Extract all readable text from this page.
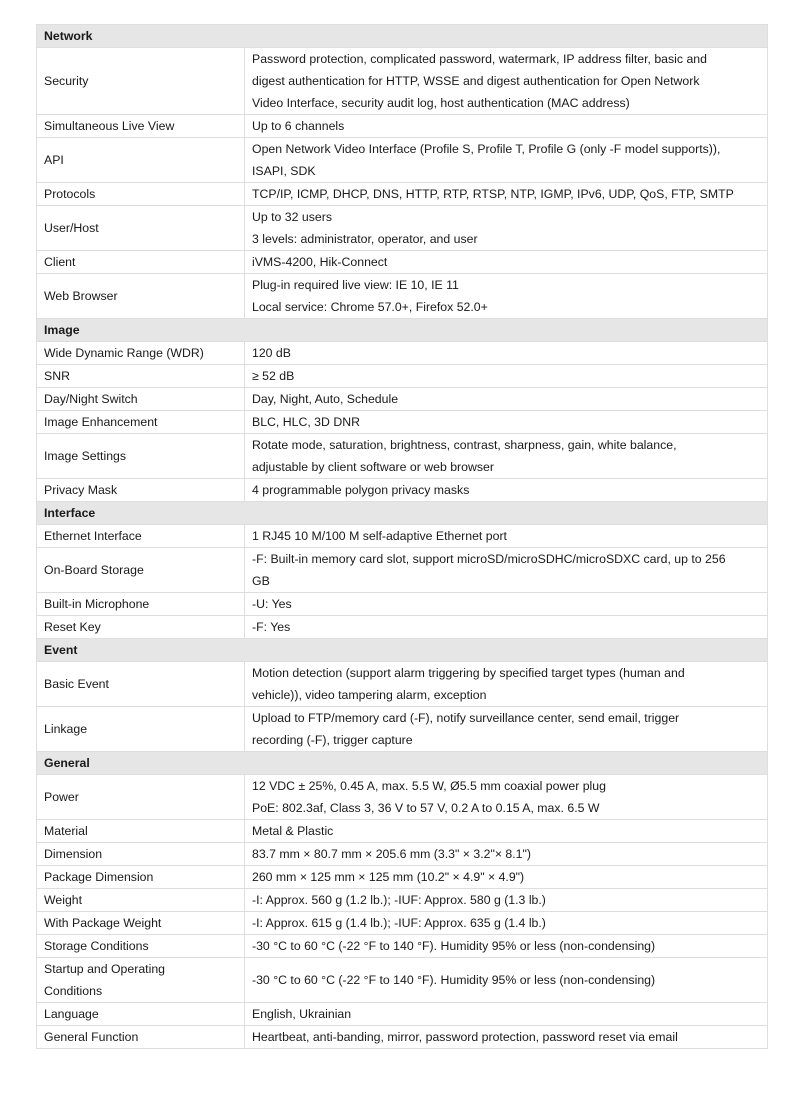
Network	
Security	Password protection, complicated password, watermark, IP address filter, basic and
digest authentication for HTTP, WSSE and digest authentication for Open Network
Video Interface, security audit log, host authentication (MAC address)

Simultaneous Live View	Up to 6 channels

API	Open Network Video Interface (Profile S, Profile T, Profile G (only -F model supports)),
ISAPI, SDK

Protocols	TCP/IP, ICMP, DHCP, DNS, HTTP, RTP, RTSP, NTP, IGMP, IPv6, UDP, QoS, FTP, SMTP

User/Host	Up to 32 users
3 levels: administrator, operator, and user

Client	iVMS-4200, Hik-Connect

Web Browser	Plug-in required live view: IE 10, IE 11
Local service: Chrome 57.0+, Firefox 52.0+

Image	
Wide Dynamic Range (WDR)	120 dB

SNR	≥ 52 dB

Day/Night Switch	Day, Night, Auto, Schedule

Image Enhancement	BLC, HLC, 3D DNR

Image Settings	Rotate mode, saturation, brightness, contrast, sharpness, gain, white balance,
adjustable by client software or web browser

Privacy Mask	4 programmable polygon privacy masks

Interface	
Ethernet Interface	1 RJ45 10 M/100 M self-adaptive Ethernet port

On-Board Storage	-F: Built-in memory card slot, support microSD/microSDHC/microSDXC card, up to 256
GB

Built-in Microphone	-U: Yes

Reset Key	-F: Yes

Event	
Basic Event	Motion detection (support alarm triggering by specified target types (human and
vehicle)), video tampering alarm, exception

Linkage	Upload to FTP/memory card (-F), notify surveillance center, send email, trigger
recording (-F), trigger capture

General	
Power	12 VDC ± 25%, 0.45 A, max. 5.5 W, Ø5.5 mm coaxial power plug
PoE: 802.3af, Class 3, 36 V to 57 V, 0.2 A to 0.15 A, max. 6.5 W

Material	Metal & Plastic

Dimension	83.7 mm × 80.7 mm × 205.6 mm (3.3" × 3.2"× 8.1")

Package Dimension	260 mm × 125 mm × 125 mm (10.2" × 4.9" × 4.9")

Weight	-I: Approx. 560 g (1.2 lb.); -IUF: Approx. 580 g (1.3 lb.)

With Package Weight	-I: Approx. 615 g (1.4 lb.); -IUF: Approx. 635 g (1.4 lb.)

Storage Conditions	-30 °C to 60 °C (-22 °F to 140 °F). Humidity 95% or less (non-condensing)

Startup and Operating
Conditions	-30 °C to 60 °C (-22 °F to 140 °F). Humidity 95% or less (non-condensing)

Language	English, Ukrainian

General Function	Heartbeat, anti-banding, mirror, password protection, password reset via email
